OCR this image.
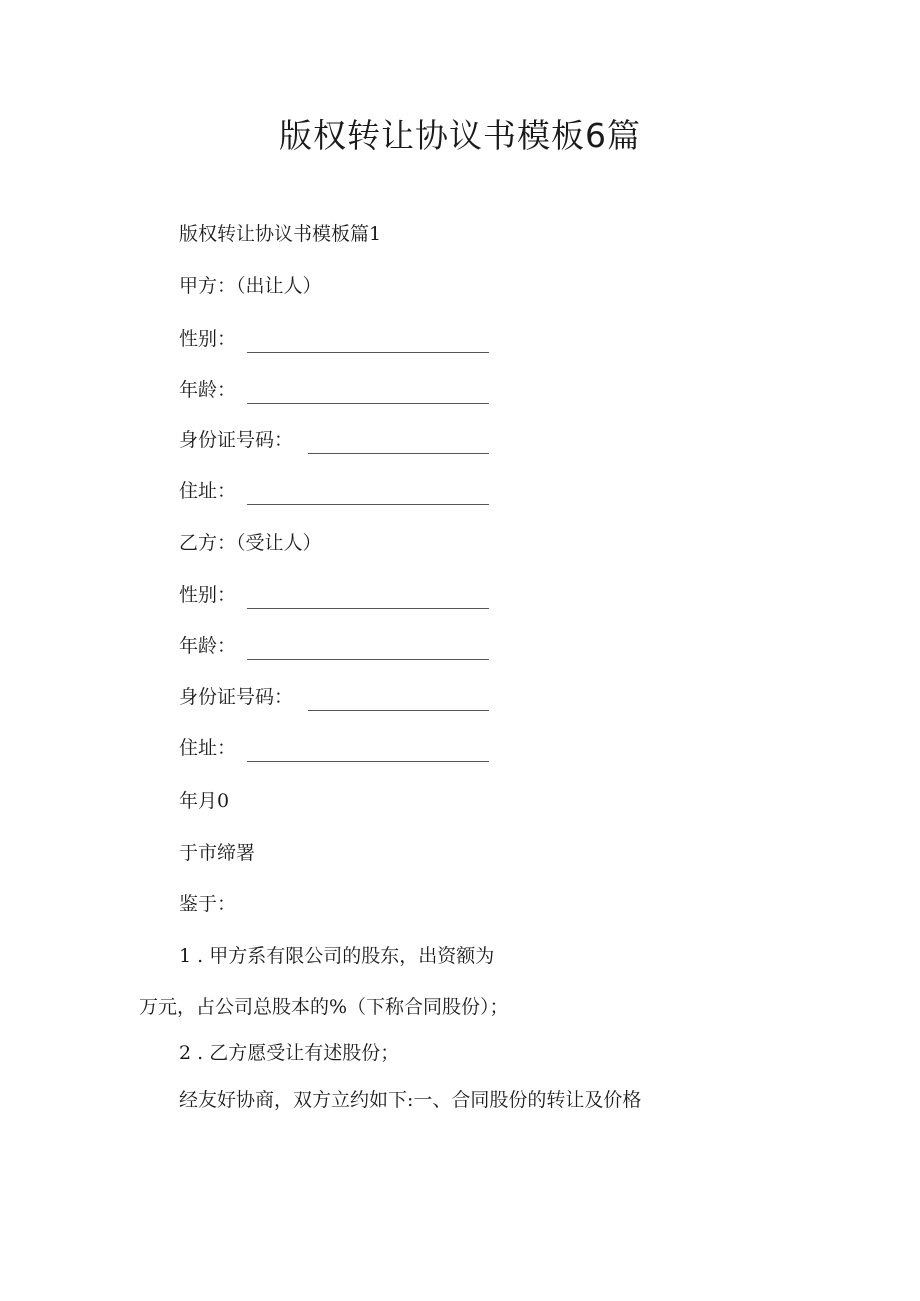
版权转让协议书模板6篇
版权转让协议书模板篇1
甲方：（出让人）
性别：
年龄：
身份证号码：
住址：
乙方：（受让人）
性别：
年龄：
身份证号码：
住址：
年月0
于市缔署
鉴于：
1 . 甲方系有限公司的股东，出资额为
万元，占公司总股本的%（下称合同股份）；
2 . 乙方愿受让有述股份；
经友好协商，双方立约如下:一、合同股份的转让及价格
